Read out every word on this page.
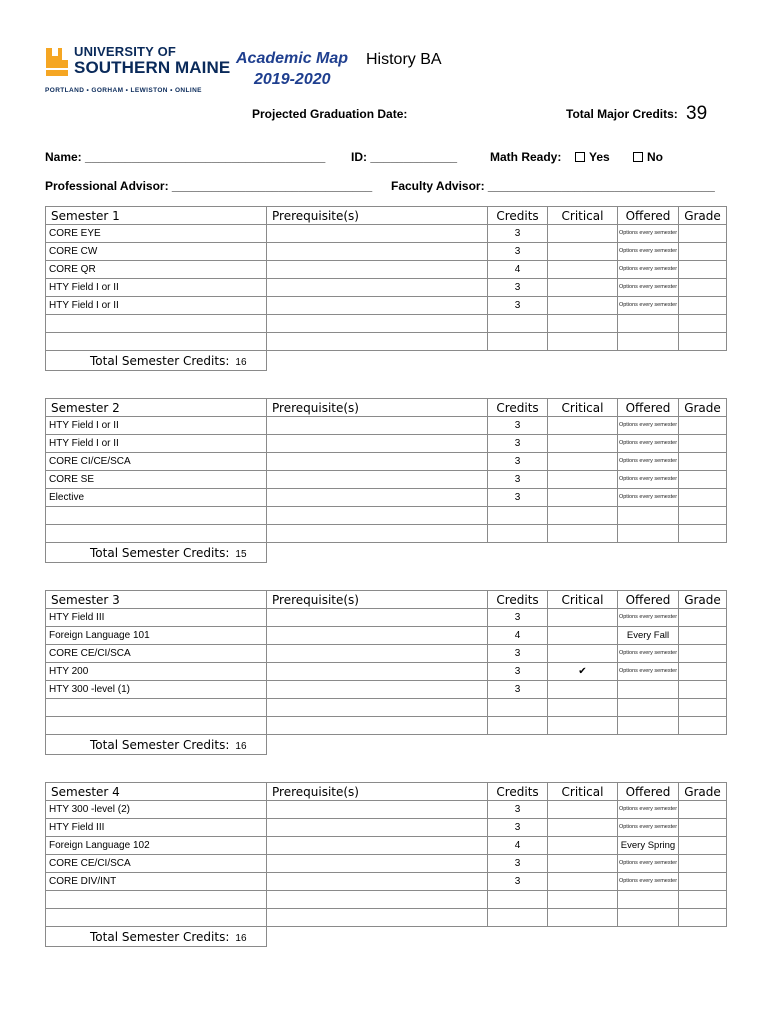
UNIVERSITY OF
SOUTHERN MAINE
PORTLAND • GORHAM • LEWISTON • ONLINE
Academic Map
2019-2020
History BA
Projected Graduation Date:	Total Major Credits: 39
Name: ____________________________________ ID: _____________	Math Ready:	Yes	No
Professional Advisor: ______________________________ Faculty Advisor: __________________________________
Semester 1	Prerequisite(s)	Credits	Critical	Offered	Grade
CORE EYE		3		Options every semester	

CORE CW		3		Options every semester	

CORE QR		4		Options every semester	

HTY Field I or II		3		Options every semester	

HTY Field I or II		3		Options every semester	

Total Semester Credits: 16					
Semester 2	Prerequisite(s)	Credits	Critical	Offered	Grade
HTY Field I or II		3		Options every semester	

HTY Field I or II		3		Options every semester	

CORE CI/CE/SCA		3		Options every semester	

CORE SE		3		Options every semester	

Elective		3		Options every semester	

Total Semester Credits: 15					
Semester 3	Prerequisite(s)	Credits	Critical	Offered	Grade
HTY Field III		3		Options every semester	

Foreign Language 101		4		Every Fall	
CORE CE/CI/SCA		3		Options every semester	

HTY 200		3	✔	Options every semester	

HTY 300 -level (1)		3			

Total Semester Credits: 16					
Semester 4	Prerequisite(s)	Credits	Critical	Offered	Grade
HTY 300 -level (2)		3		Options every semester	

HTY Field III		3		Options every semester	

Foreign Language 102		4		Every Spring	
CORE CE/CI/SCA		3		Options every semester	

CORE DIV/INT		3		Options every semester	

Total Semester Credits: 16					
